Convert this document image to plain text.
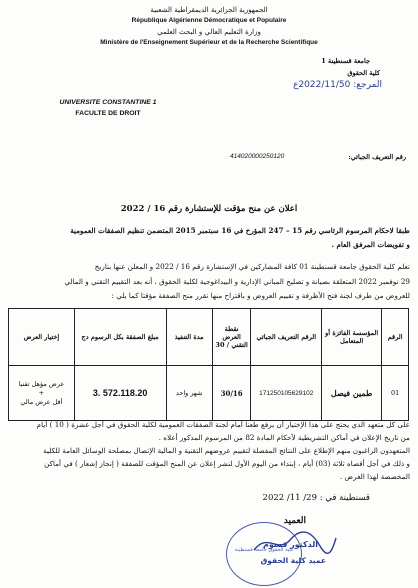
الجمهورية الجزائرية الديمقراطية الشعبية
République Algérienne Démocratique et Populaire
وزارة التعليم العالي و البحث العلمي
Ministère de l'Enseignement Supérieur et de la Recherche Scientifique
جامعة قسنطينة 1
كلية الحقوق
المرجع: 2022/11/50ع
UNIVERSITE CONSTANTINE 1
FACULTE DE DROIT
رقم التعريف الجبائي:
414020000250120
اعلان عن منح مؤقت للإستشارة رقم 16 / 2022
طبقا لاحكام المرسوم الرئاسي رقم 15 – 247 المؤرخ في 16 سبتمبر 2015 المتضمن تنظيم الصفقات العمومية
و تفويضات المرفق العام .
تعلم كلية الحقوق جامعة قسنطينة 01 كافة المشاركين في الإستشارة رقم 16 / 2022 و المعلن عنها بتاريخ
29 نوفمبر 2022 المتعلقة بصيانة و تصليح المباني الإدارية و البيداغوجية لكلية الحقوق ، أنه بعد التقييم التقني و المالي
للعروض من طرف لجنة فتح الأظرفة و تقييم العروض و باقتراح منها تقرر منح الصفقة مؤقتا كما يلي :
الرقم	المؤسسة الفائزة أو المتعامل	الرقم التعريف الجبائي	نقطة العرض التقني / 30	مدة التنفيذ	مبلغ الصفقة بكل الرسوم دج	إختيار العرض
01	طمين فيصل	171250105629102	30/16	شهر واحد	3. 572.118.20	عرض مؤهل تقنيا
+
أقل عرض مالي
على كل متعهد الذي يحتج على هذا الإختيار أن يرفع طعنا أمام لجنة الصفقات العمومية لكلية الحقوق في أجل عشرة ( 10 ) أيام
من تاريخ الإعلان في أماكن التشريطية لأحكام المادة 82 من المرسوم المذكور أعلاه .
المتعهدون الراغبون منهم الإطلاع على النتائج المفصلة لتقييم عروضهم التقنية و المالية الإتصال بمصلحة الوسائل العامة للكلية
و ذلك في أجل أقصاه ثلاثة (03) أيام ، إبتداء من اليوم الأول لنشر إعلان عن المنح المؤقت للصفقة ( إنجاز إشعار ) في أماكن
المخصصة لهذا الغرض .
قسنطينة في : 29/ 11/ 2022
العميد
كلية الحقوق جامعة قسنطينة
الدكتور قسوم
عميد كلية الحقوق
